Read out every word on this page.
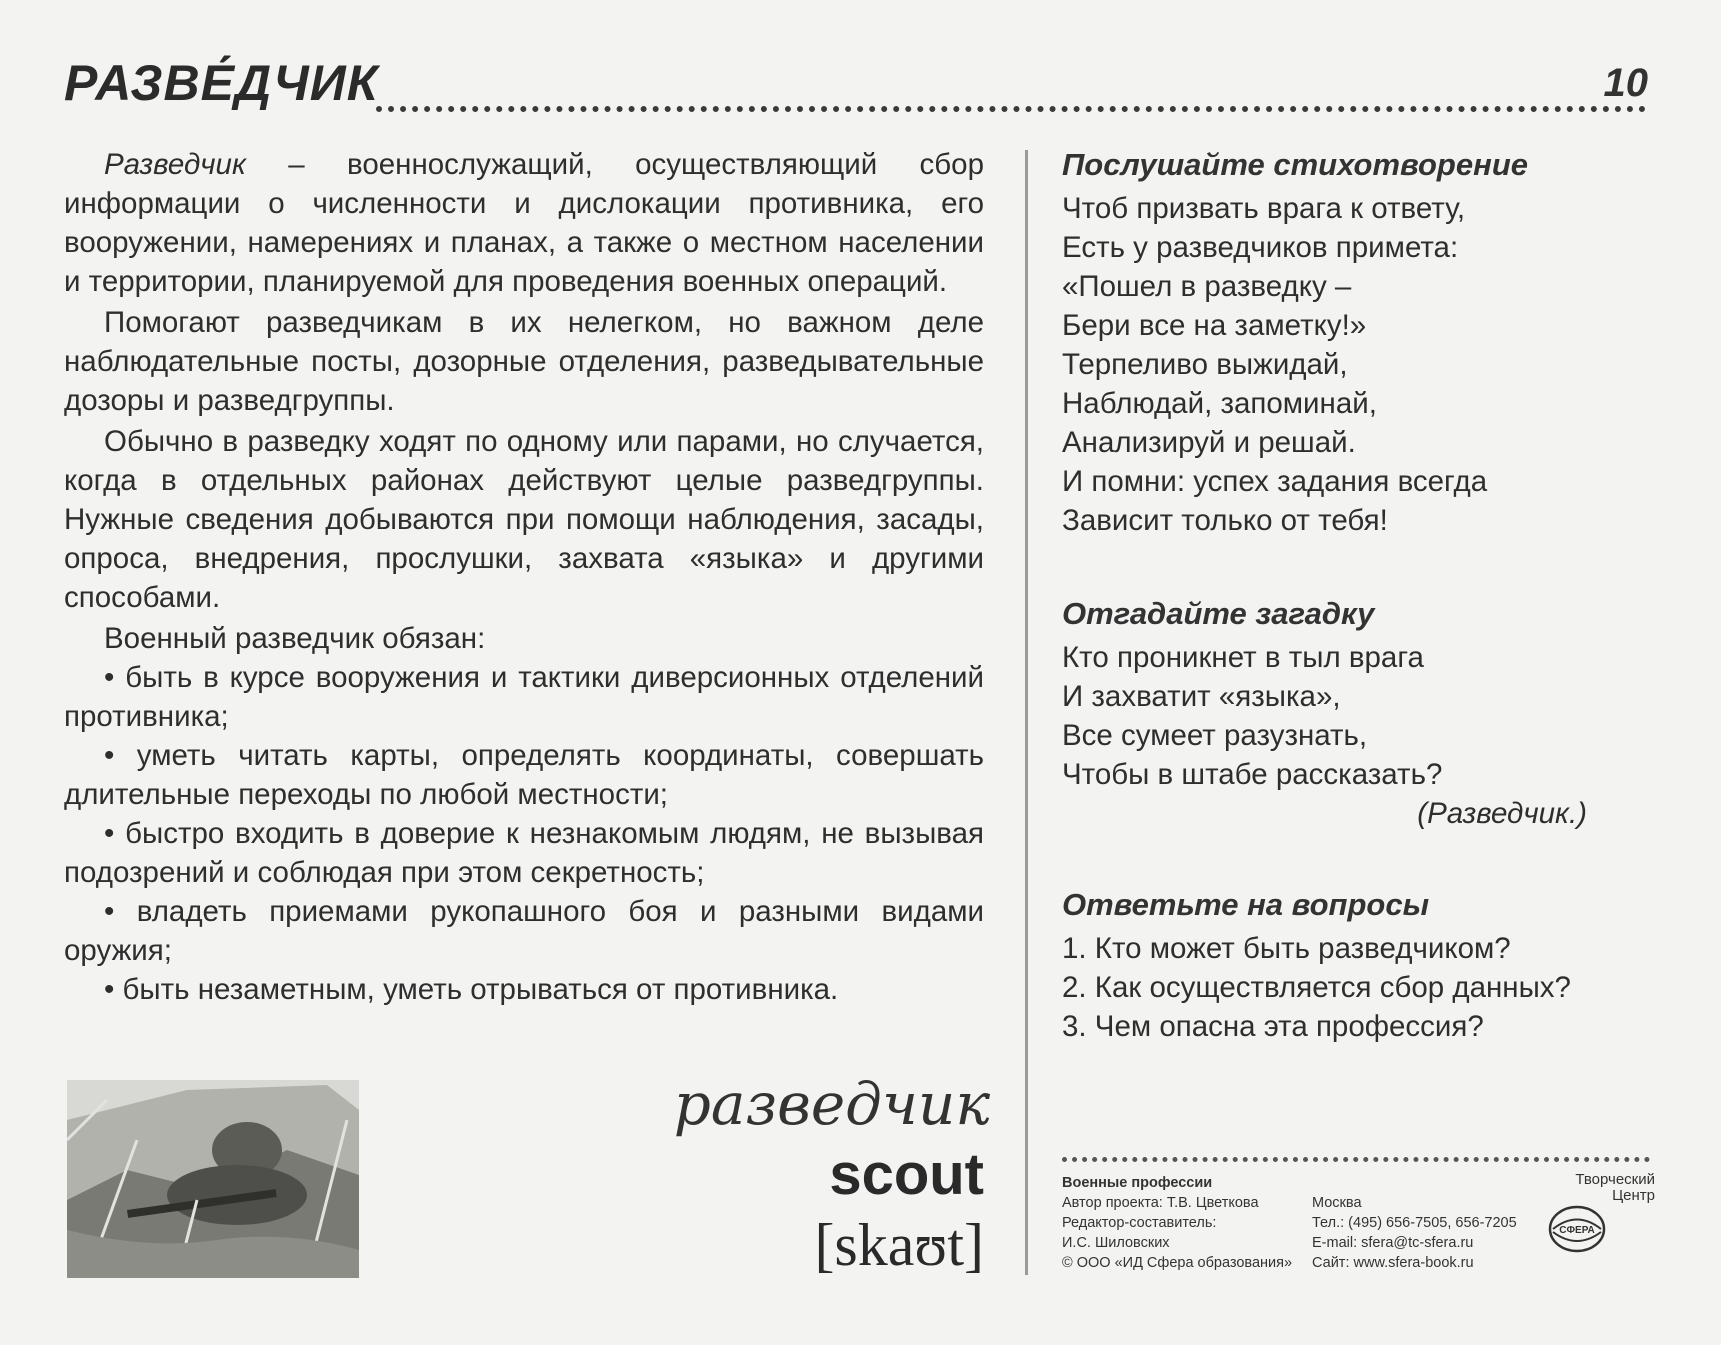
РАЗВЕ́ДЧИК	10

Разведчик – военнослужащий, осуществляющий сбор информации о численности и дислокации противника, его вооружении, намерениях и планах, а также о местном населении и территории, планируемой для проведения военных операций.

Помогают разведчикам в их нелегком, но важном деле наблюдательные посты, дозорные отделения, разведывательные дозоры и разведгруппы.

Обычно в разведку ходят по одному или парами, но случается, когда в отдельных районах действуют целые разведгруппы. Нужные сведения добываются при помощи наблюдения, засады, опроса, внедрения, прослушки, захвата «языка» и другими способами.

Военный разведчик обязан:
• быть в курсе вооружения и тактики диверсионных отделений противника;
• уметь читать карты, определять координаты, совершать длительные переходы по любой местности;
• быстро входить в доверие к незнакомым людям, не вызывая подозрений и соблюдая при этом секретность;
• владеть приемами рукопашного боя и разными видами оружия;
• быть незаметным, уметь отрываться от противника.
разведчик
scout
[skaʊt]
Послушайте стихотворение
Чтоб призвать врага к ответу,
Есть у разведчиков примета:
«Пошел в разведку –
Бери все на заметку!»
Терпеливо выжидай,
Наблюдай, запоминай,
Анализируй и решай.
И помни: успех задания всегда
Зависит только от тебя!
Отгадайте загадку
Кто проникнет в тыл врага
И захватит «языка»,
Все сумеет разузнать,
Чтобы в штабе рассказать?
(Разведчик.)
Ответьте на вопросы
1. Кто может быть разведчиком?
2. Как осуществляется сбор данных?
3. Чем опасна эта профессия?
Военные профессии
Автор проекта: Т.В. Цветкова
Редактор-составитель:
И.С. Шиловских
© ООО «ИД Сфера образования»
Москва
Тел.: (495) 656-7505, 656-7205
E-mail: sfera@tc-sfera.ru
Сайт: www.sfera-book.ru
Творческий
Центр
СФЕРА
